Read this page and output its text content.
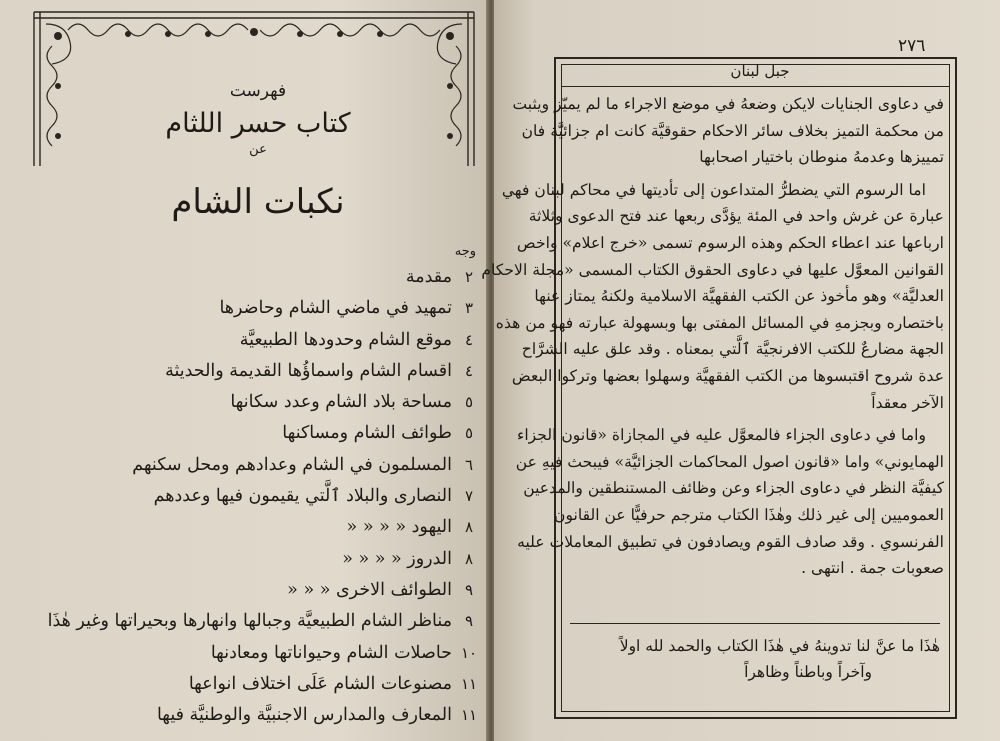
فهرست
كتاب حسر اللثام
عن
نكبات الشام
وجه
٢
مقدمة
٣
تمهيد في ماضي الشام وحاضرها
٤
موقع الشام وحدودها الطبيعيَّة
٤
اقسام الشام واسماؤُها القديمة والحديثة
٥
مساحة بلاد الشام وعدد سكانها
٥
طوائف الشام ومساكنها
٦
المسلمون في الشام وعدادهم ومحل سكنهم
٧
النصارى والبلاد ٱلَّتي يقيمون فيها وعددهم
٨
اليهود « « « «
٨
الدروز « « « «
٩
الطوائف الاخرى « « «
٩
مناظر الشام الطبيعيَّة وجبالها وانهارها وبحيراتها وغير هٰذَا
١٠
حاصلات الشام وحيواناتها ومعادنها
١١
مصنوعات الشام عَلَى اختلاف انواعها
١١
المعارف والمدارس الاجنبيَّة والوطنيَّة فيها
٢٧٦
جبل لبنان
في دعاوى الجنايات لايكن وضعهُ في موضع الاجراء ما لم يميّز ويثبت
من محكمة التميز بخلاف سائر الاحكام حقوقيَّة كانت ام جزائيَّة فان
تمييزها وعدمهُ منوطان باختيار اصحابها
اما الرسوم التي يضطرُّ المتداعون إلى تأديتها في محاكم لبنان فهي
عبارة عن غرش واحد في المئة يؤدَّى ربعها عند فتح الدعوى وثلاثة
ارباعها عند اعطاء الحكم وهذه الرسوم تسمى «خرج اعلام» واخص
القوانين المعوَّل عليها في دعاوى الحقوق الكتاب المسمى «مجلة الاحكام
العدليَّة» وهو مأخوذ عن الكتب الفقهيَّة الاسلامية ولكنهُ يمتاز عنها
باختصاره وبجزمهِ في المسائل المفتى بها وبسهولة عبارته فهو من هذه
الجهة مضارعٌ للكتب الافرنجيَّة ٱلَّتي بمعناه . وقد علق عليه الشرَّاح
عدة شروح اقتبسوها من الكتب الفقهيَّة وسهلوا بعضها وتركوا البعض
الآخر معقداً
واما في دعاوى الجزاء فالمعوَّل عليه في المجازاة «قانون الجزاء
الهمايوني» واما «قانون اصول المحاكمات الجزائيَّة» فيبحث فيهِ عن
كيفيَّة النظر في دعاوى الجزاء وعن وظائف المستنطقين والمدعين
العموميين إلى غير ذلك وهٰذَا الكتاب مترجم حرفيًّا عن القانون
الفرنسوي . وقد صادف القوم ويصادفون في تطبيق المعاملات عليه
صعوبات جمة . انتهى .
هٰذَا ما عنَّ لنا تدوينهُ في هٰذَا الكتاب والحمد لله اولاً
وآخراً وباطناً وظاهراً
